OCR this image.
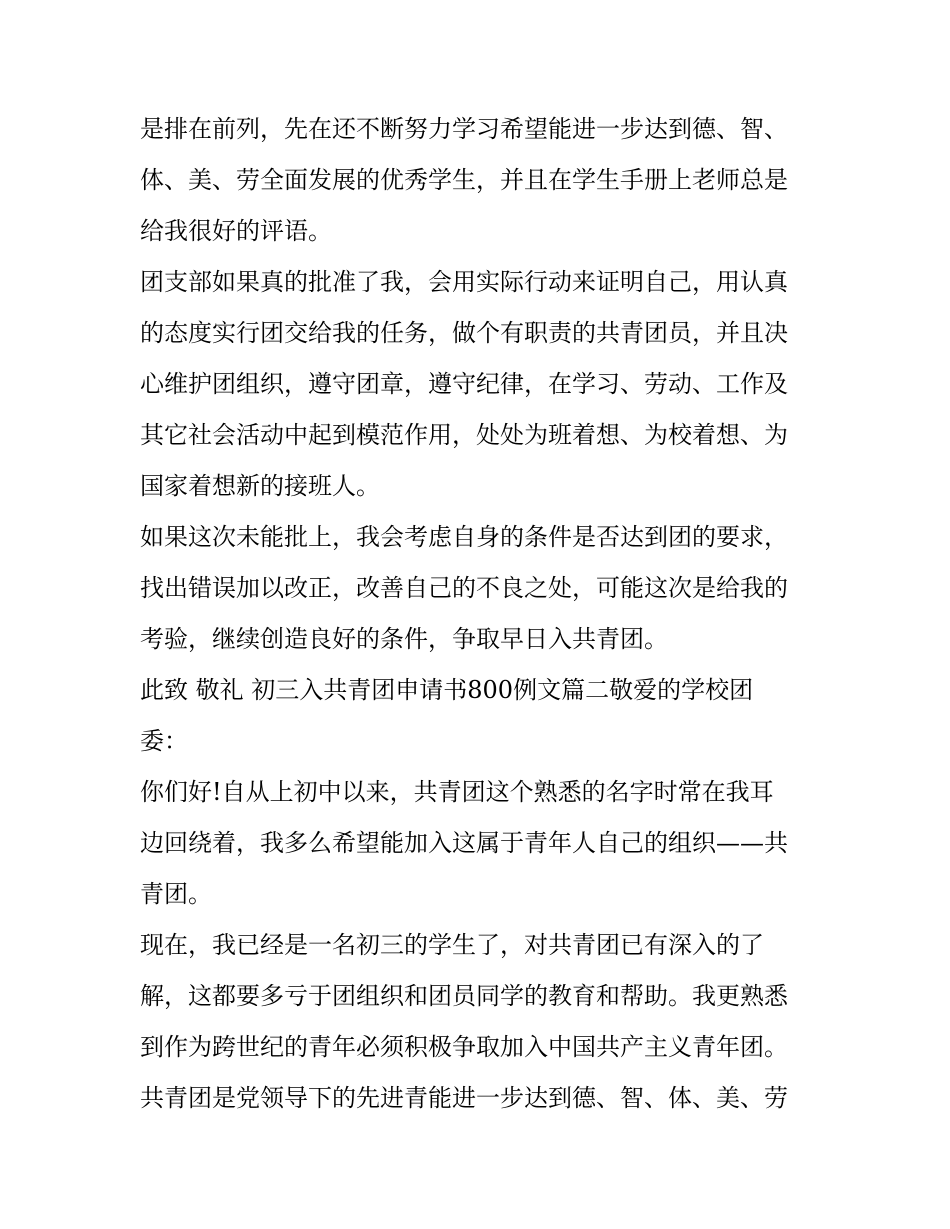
是排在前列，先在还不断努力学习希望能进一步达到德、智、

体、美、劳全面发展的优秀学生，并且在学生手册上老师总是

给我很好的评语。

团支部如果真的批准了我，会用实际行动来证明自己，用认真

的态度实行团交给我的任务，做个有职责的共青团员，并且决

心维护团组织，遵守团章，遵守纪律，在学习、劳动、工作及

其它社会活动中起到模范作用，处处为班着想、为校着想、为

国家着想新的接班人。

如果这次未能批上，我会考虑自身的条件是否达到团的要求，

找出错误加以改正，改善自己的不良之处，可能这次是给我的

考验，继续创造良好的条件，争取早日入共青团。

此致 敬礼 初三入共青团申请书800例文篇二敬爱的学校团

委：

你们好!自从上初中以来，共青团这个熟悉的名字时常在我耳

边回绕着，我多么希望能加入这属于青年人自己的组织——共

青团。

现在，我已经是一名初三的学生了，对共青团已有深入的了

解，这都要多亏于团组织和团员同学的教育和帮助。我更熟悉

到作为跨世纪的青年必须积极争取加入中国共产主义青年团。

共青团是党领导下的先进青能进一步达到德、智、体、美、劳
